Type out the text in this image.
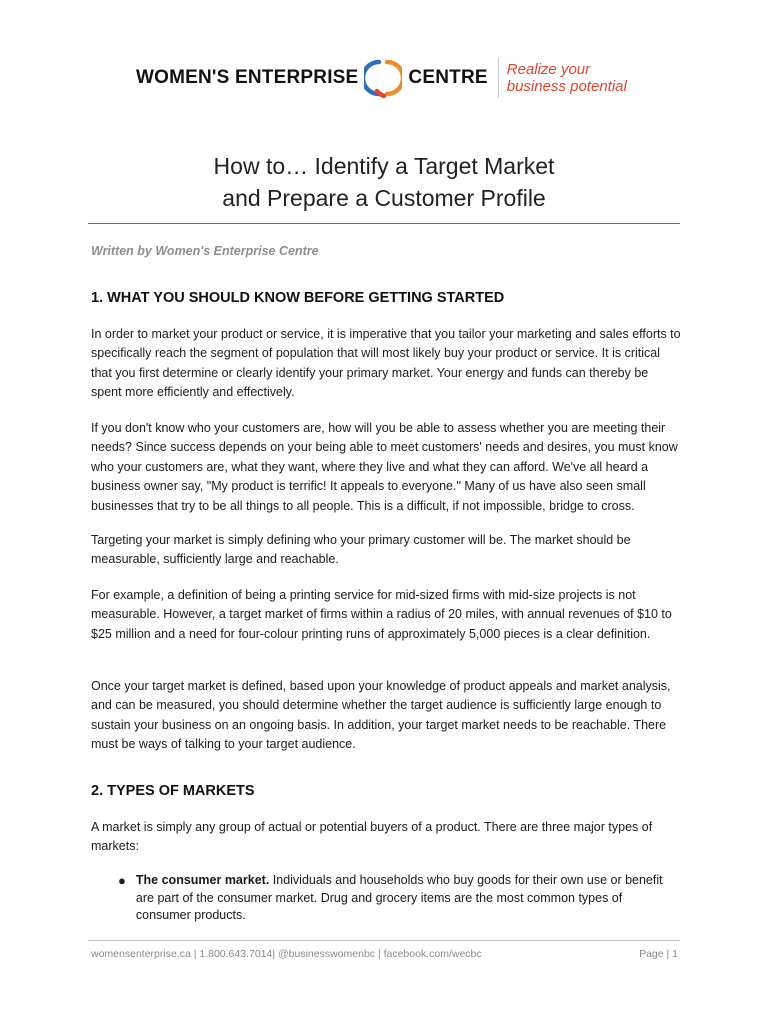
WOMEN'S ENTERPRISE	CENTRE Realize your
business potential
How to… Identify a Target Market
and Prepare a Customer Profile
Written by Women's Enterprise Centre
1. WHAT YOU SHOULD KNOW BEFORE GETTING STARTED
In order to market your product or service, it is imperative that you tailor your marketing and sales efforts to specifically reach the segment of population that will most likely buy your product or service. It is critical that you first determine or clearly identify your primary market. Your energy and funds can thereby be spent more efficiently and effectively.
If you don't know who your customers are, how will you be able to assess whether you are meeting their needs? Since success depends on your being able to meet customers' needs and desires, you must know who your customers are, what they want, where they live and what they can afford. We've all heard a business owner say, "My product is terrific! It appeals to everyone." Many of us have also seen small businesses that try to be all things to all people. This is a difficult, if not impossible, bridge to cross.
Targeting your market is simply defining who your primary customer will be. The market should be measurable, sufficiently large and reachable.
For example, a definition of being a printing service for mid-sized firms with mid-size projects is not measurable. However, a target market of firms within a radius of 20 miles, with annual revenues of $10 to $25 million and a need for four-colour printing runs of approximately 5,000 pieces is a clear definition.
Once your target market is defined, based upon your knowledge of product appeals and market analysis, and can be measured, you should determine whether the target audience is sufficiently large enough to sustain your business on an ongoing basis. In addition, your target market needs to be reachable. There must be ways of talking to your target audience.
2. TYPES OF MARKETS
A market is simply any group of actual or potential buyers of a product. There are three major types of markets:
● The consumer market. Individuals and households who buy goods for their own use or benefit are part of the consumer market. Drug and grocery items are the most common types of consumer products.
womensenterprise.ca | 1.800.643.7014| @businesswomenbc | facebook.com/wecbc	Page | 1
